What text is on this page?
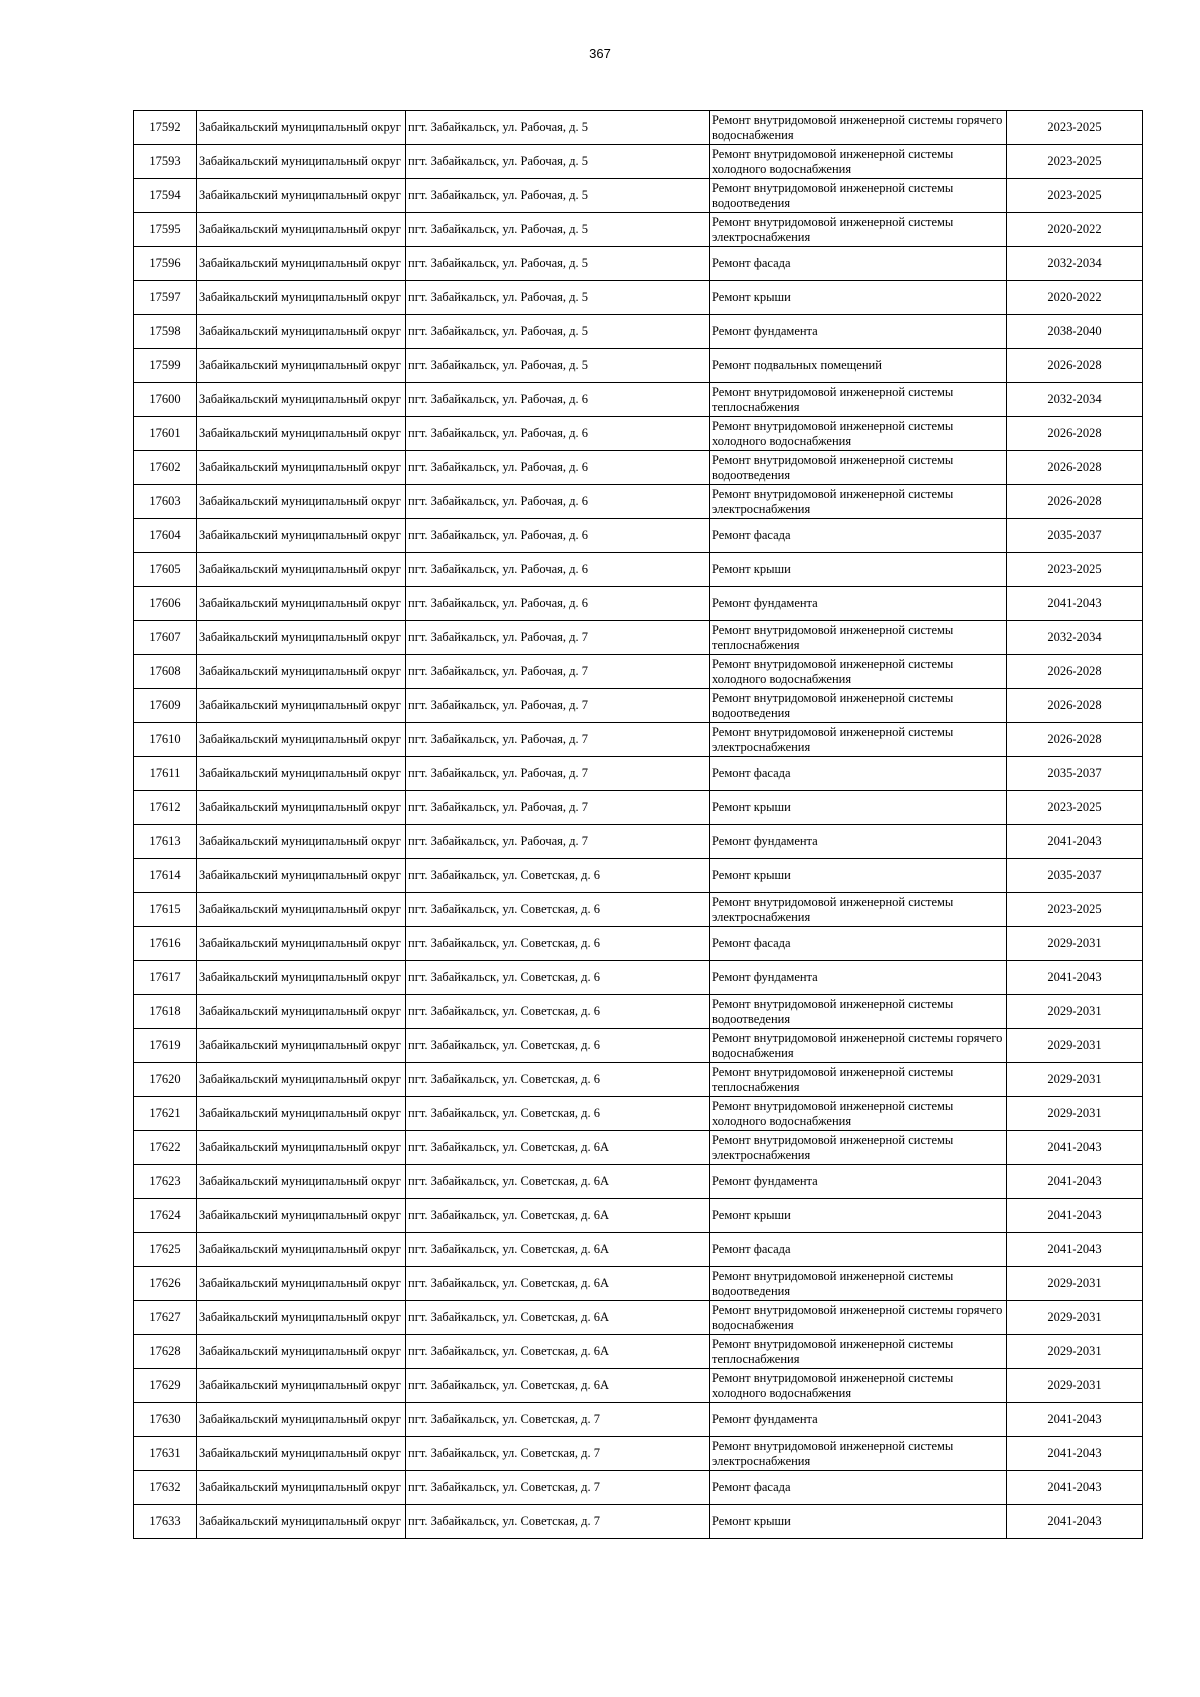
367
17592	Забайкальский муниципальный округ	пгт. Забайкальск, ул. Рабочая, д. 5	Ремонт внутридомовой инженерной системы горячего водоснабжения	2023-2025
17593	Забайкальский муниципальный округ	пгт. Забайкальск, ул. Рабочая, д. 5	Ремонт внутридомовой инженерной системы холодного водоснабжения	2023-2025
17594	Забайкальский муниципальный округ	пгт. Забайкальск, ул. Рабочая, д. 5	Ремонт внутридомовой инженерной системы водоотведения	2023-2025
17595	Забайкальский муниципальный округ	пгт. Забайкальск, ул. Рабочая, д. 5	Ремонт внутридомовой инженерной системы электроснабжения	2020-2022
17596	Забайкальский муниципальный округ	пгт. Забайкальск, ул. Рабочая, д. 5	Ремонт фасада	2032-2034
17597	Забайкальский муниципальный округ	пгт. Забайкальск, ул. Рабочая, д. 5	Ремонт крыши	2020-2022
17598	Забайкальский муниципальный округ	пгт. Забайкальск, ул. Рабочая, д. 5	Ремонт фундамента	2038-2040
17599	Забайкальский муниципальный округ	пгт. Забайкальск, ул. Рабочая, д. 5	Ремонт подвальных помещений	2026-2028
17600	Забайкальский муниципальный округ	пгт. Забайкальск, ул. Рабочая, д. 6	Ремонт внутридомовой инженерной системы теплоснабжения	2032-2034
17601	Забайкальский муниципальный округ	пгт. Забайкальск, ул. Рабочая, д. 6	Ремонт внутридомовой инженерной системы холодного водоснабжения	2026-2028
17602	Забайкальский муниципальный округ	пгт. Забайкальск, ул. Рабочая, д. 6	Ремонт внутридомовой инженерной системы водоотведения	2026-2028
17603	Забайкальский муниципальный округ	пгт. Забайкальск, ул. Рабочая, д. 6	Ремонт внутридомовой инженерной системы электроснабжения	2026-2028
17604	Забайкальский муниципальный округ	пгт. Забайкальск, ул. Рабочая, д. 6	Ремонт фасада	2035-2037
17605	Забайкальский муниципальный округ	пгт. Забайкальск, ул. Рабочая, д. 6	Ремонт крыши	2023-2025
17606	Забайкальский муниципальный округ	пгт. Забайкальск, ул. Рабочая, д. 6	Ремонт фундамента	2041-2043
17607	Забайкальский муниципальный округ	пгт. Забайкальск, ул. Рабочая, д. 7	Ремонт внутридомовой инженерной системы теплоснабжения	2032-2034
17608	Забайкальский муниципальный округ	пгт. Забайкальск, ул. Рабочая, д. 7	Ремонт внутридомовой инженерной системы холодного водоснабжения	2026-2028
17609	Забайкальский муниципальный округ	пгт. Забайкальск, ул. Рабочая, д. 7	Ремонт внутридомовой инженерной системы водоотведения	2026-2028
17610	Забайкальский муниципальный округ	пгт. Забайкальск, ул. Рабочая, д. 7	Ремонт внутридомовой инженерной системы электроснабжения	2026-2028
17611	Забайкальский муниципальный округ	пгт. Забайкальск, ул. Рабочая, д. 7	Ремонт фасада	2035-2037
17612	Забайкальский муниципальный округ	пгт. Забайкальск, ул. Рабочая, д. 7	Ремонт крыши	2023-2025
17613	Забайкальский муниципальный округ	пгт. Забайкальск, ул. Рабочая, д. 7	Ремонт фундамента	2041-2043
17614	Забайкальский муниципальный округ	пгт. Забайкальск, ул. Советская, д. 6	Ремонт крыши	2035-2037
17615	Забайкальский муниципальный округ	пгт. Забайкальск, ул. Советская, д. 6	Ремонт внутридомовой инженерной системы электроснабжения	2023-2025
17616	Забайкальский муниципальный округ	пгт. Забайкальск, ул. Советская, д. 6	Ремонт фасада	2029-2031
17617	Забайкальский муниципальный округ	пгт. Забайкальск, ул. Советская, д. 6	Ремонт фундамента	2041-2043
17618	Забайкальский муниципальный округ	пгт. Забайкальск, ул. Советская, д. 6	Ремонт внутридомовой инженерной системы водоотведения	2029-2031
17619	Забайкальский муниципальный округ	пгт. Забайкальск, ул. Советская, д. 6	Ремонт внутридомовой инженерной системы горячего водоснабжения	2029-2031
17620	Забайкальский муниципальный округ	пгт. Забайкальск, ул. Советская, д. 6	Ремонт внутридомовой инженерной системы теплоснабжения	2029-2031
17621	Забайкальский муниципальный округ	пгт. Забайкальск, ул. Советская, д. 6	Ремонт внутридомовой инженерной системы холодного водоснабжения	2029-2031
17622	Забайкальский муниципальный округ	пгт. Забайкальск, ул. Советская, д. 6А	Ремонт внутридомовой инженерной системы электроснабжения	2041-2043
17623	Забайкальский муниципальный округ	пгт. Забайкальск, ул. Советская, д. 6А	Ремонт фундамента	2041-2043
17624	Забайкальский муниципальный округ	пгт. Забайкальск, ул. Советская, д. 6А	Ремонт крыши	2041-2043
17625	Забайкальский муниципальный округ	пгт. Забайкальск, ул. Советская, д. 6А	Ремонт фасада	2041-2043
17626	Забайкальский муниципальный округ	пгт. Забайкальск, ул. Советская, д. 6А	Ремонт внутридомовой инженерной системы водоотведения	2029-2031
17627	Забайкальский муниципальный округ	пгт. Забайкальск, ул. Советская, д. 6А	Ремонт внутридомовой инженерной системы горячего водоснабжения	2029-2031
17628	Забайкальский муниципальный округ	пгт. Забайкальск, ул. Советская, д. 6А	Ремонт внутридомовой инженерной системы теплоснабжения	2029-2031
17629	Забайкальский муниципальный округ	пгт. Забайкальск, ул. Советская, д. 6А	Ремонт внутридомовой инженерной системы холодного водоснабжения	2029-2031
17630	Забайкальский муниципальный округ	пгт. Забайкальск, ул. Советская, д. 7	Ремонт фундамента	2041-2043
17631	Забайкальский муниципальный округ	пгт. Забайкальск, ул. Советская, д. 7	Ремонт внутридомовой инженерной системы электроснабжения	2041-2043
17632	Забайкальский муниципальный округ	пгт. Забайкальск, ул. Советская, д. 7	Ремонт фасада	2041-2043
17633	Забайкальский муниципальный округ	пгт. Забайкальск, ул. Советская, д. 7	Ремонт крыши	2041-2043
